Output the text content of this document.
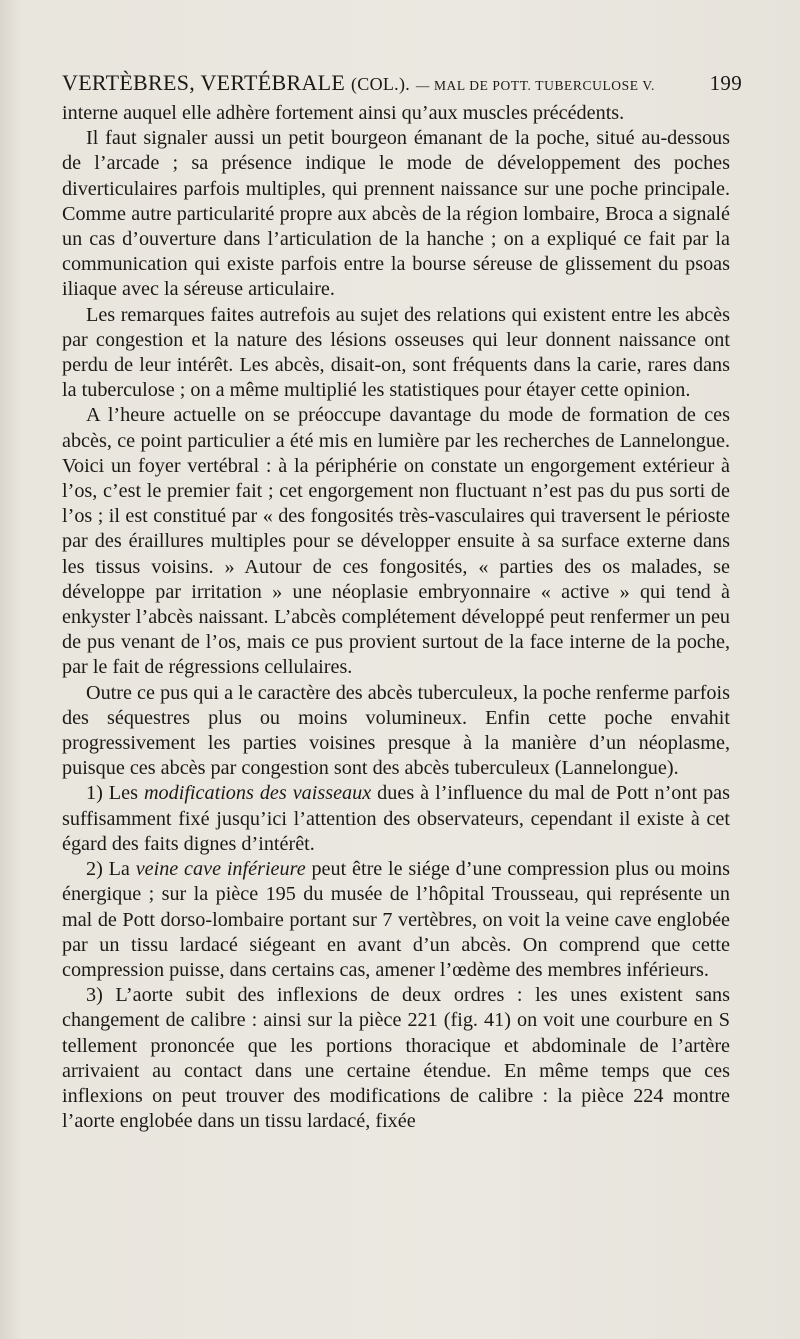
VERTÈBRES, VERTÉBRALE (COL.). — MAL DE POTT. TUBERCULOSE V.	199

interne auquel elle adhère fortement ainsi qu’aux muscles précédents.

Il faut signaler aussi un petit bourgeon émanant de la poche, situé au-dessous de l’arcade ; sa présence indique le mode de développement des poches diverticulaires parfois multiples, qui prennent naissance sur une poche principale. Comme autre particularité propre aux abcès de la région lombaire, Broca a signalé un cas d’ouverture dans l’articulation de la hanche ; on a expliqué ce fait par la communication qui existe parfois entre la bourse séreuse de glissement du psoas iliaque avec la séreuse articulaire.

Les remarques faites autrefois au sujet des relations qui existent entre les abcès par congestion et la nature des lésions osseuses qui leur donnent naissance ont perdu de leur intérêt. Les abcès, disait-on, sont fréquents dans la carie, rares dans la tuberculose ; on a même multiplié les statistiques pour étayer cette opinion.

A l’heure actuelle on se préoccupe davantage du mode de formation de ces abcès, ce point particulier a été mis en lumière par les recherches de Lannelongue. Voici un foyer vertébral : à la périphérie on constate un engorgement extérieur à l’os, c’est le premier fait ; cet engorgement non fluctuant n’est pas du pus sorti de l’os ; il est constitué par « des fongosités très-vasculaires qui traversent le périoste par des éraillures multiples pour se développer ensuite à sa surface externe dans les tissus voisins. » Autour de ces fongosités, « parties des os malades, se développe par irritation » une néoplasie embryonnaire « active » qui tend à enkyster l’abcès naissant. L’abcès complétement développé peut renfermer un peu de pus venant de l’os, mais ce pus provient surtout de la face interne de la poche, par le fait de régressions cellulaires.

Outre ce pus qui a le caractère des abcès tuberculeux, la poche renferme parfois des séquestres plus ou moins volumineux. Enfin cette poche envahit progressivement les parties voisines presque à la manière d’un néoplasme, puisque ces abcès par congestion sont des abcès tuberculeux (Lannelongue).

1) Les modifications des vaisseaux dues à l’influence du mal de Pott n’ont pas suffisamment fixé jusqu’ici l’attention des observateurs, cependant il existe à cet égard des faits dignes d’intérêt.

2) La veine cave inférieure peut être le siége d’une compression plus ou moins énergique ; sur la pièce 195 du musée de l’hôpital Trousseau, qui représente un mal de Pott dorso-lombaire portant sur 7 vertèbres, on voit la veine cave englobée par un tissu lardacé siégeant en avant d’un abcès. On comprend que cette compression puisse, dans certains cas, amener l’œdème des membres inférieurs.

3) L’aorte subit des inflexions de deux ordres : les unes existent sans changement de calibre : ainsi sur la pièce 221 (fig. 41) on voit une courbure en S tellement prononcée que les portions thoracique et abdominale de l’artère arrivaient au contact dans une certaine étendue. En même temps que ces inflexions on peut trouver des modifications de calibre : la pièce 224 montre l’aorte englobée dans un tissu lardacé, fixée
